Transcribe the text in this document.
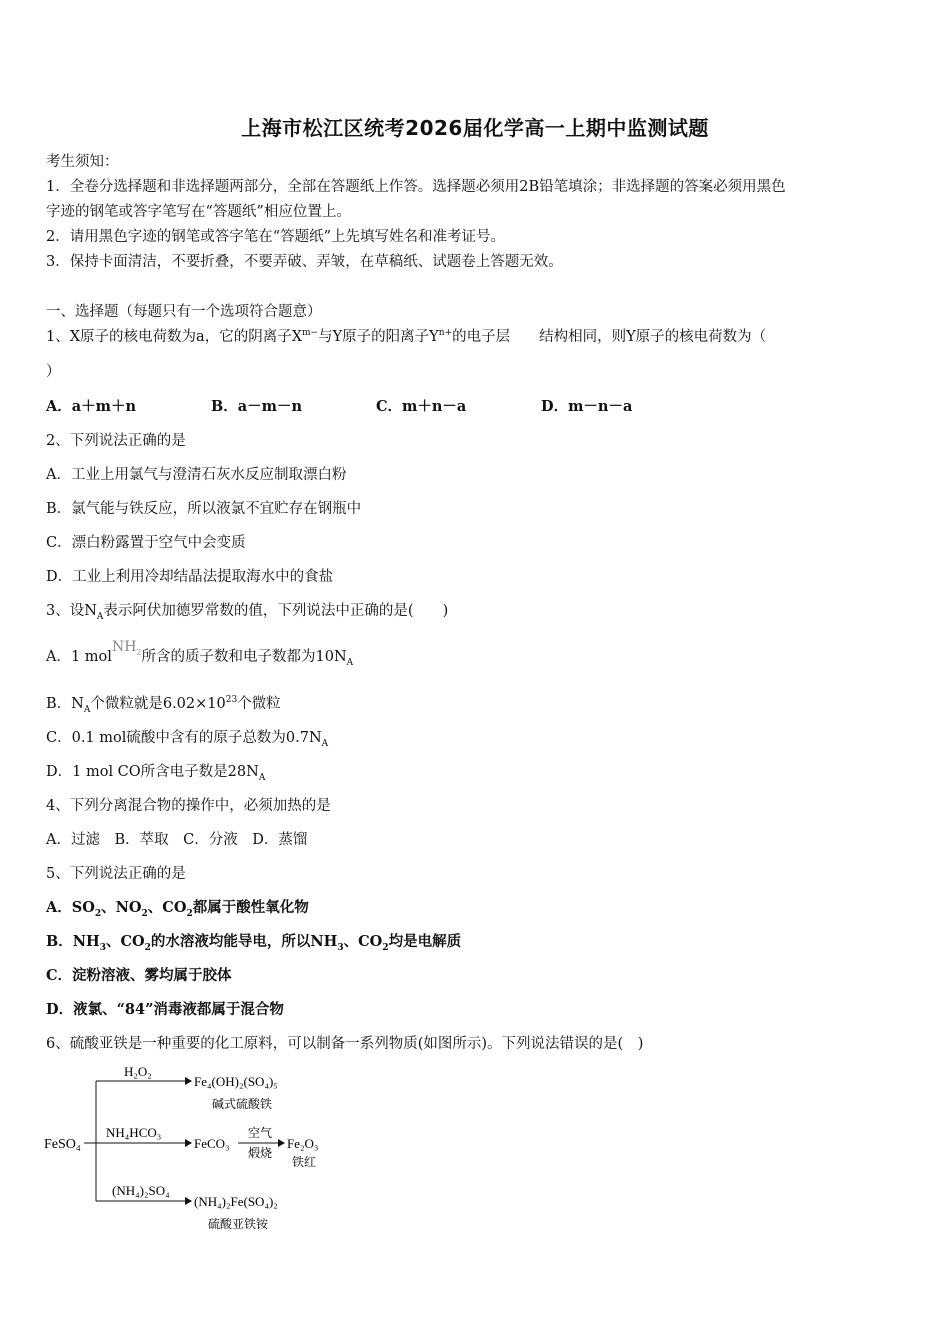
上海市松江区统考2026届化学高一上期中监测试题
考生须知：
1．全卷分选择题和非选择题两部分，全部在答题纸上作答。选择题必须用2B铅笔填涂；非选择题的答案必须用黑色
字迹的钢笔或答字笔写在“答题纸”相应位置上。
2．请用黑色字迹的钢笔或答字笔在“答题纸”上先填写姓名和准考证号。
3．保持卡面清洁，不要折叠，不要弄破、弄皱，在草稿纸、试题卷上答题无效。
一、选择题（每题只有一个选项符合题意）
1、X原子的核电荷数为a，它的阴离子$X^{m-}$与Y原子的阳离子$Y^{n+}$的电子层　　结构相同，则Y原子的核电荷数为（
）
A．a＋m＋n	B．a－m－n	C．m＋n－a	D．m－n－a
2、下列说法正确的是
A．工业上用氯气与澄清石灰水反应制取漂白粉
B．氯气能与铁反应，所以液氯不宜贮存在钢瓶中
C．漂白粉露置于空气中会变质
D．工业上利用冷却结晶法提取海水中的食盐
3、设$N_A$表示阿伏加德罗常数的值，下列说法中正确的是(　　)
A．1 molNH$_2$所含的质子数和电子数都为$10N_A$
B．$N_A$个微粒就是$6.02\times 10^{23}$个微粒
C．0.1 mol硫酸中含有的原子总数为$0.7N_A$
D．1 mol CO所含电子数是$28N_A$
4、下列分离混合物的操作中，必须加热的是
A．过滤　B．萃取　C．分液　D．蒸馏
5、下列说法正确的是
A．$SO_2$、$NO_2$、$CO_2$都属于酸性氧化物
B．$NH_3$、$CO_2$的水溶液均能导电，所以$NH_3$、$CO_2$均是电解质
C．淀粉溶液、雾均属于胶体
D．液氯、“84”消毒液都属于混合物
6、硫酸亚铁是一种重要的化工原料，可以制备一系列物质(如图所示)。下列说法错误的是(　)
FeSO₄
H₂O₂
Fe₄(OH)₂(SO₄)₅
碱式硫酸铁
NH₄HCO₃
FeCO₃
空气
煅烧
Fe₂O₃
铁红
(NH₄)₂SO₄
(NH₄)₂Fe(SO₄)₂
硫酸亚铁铵
